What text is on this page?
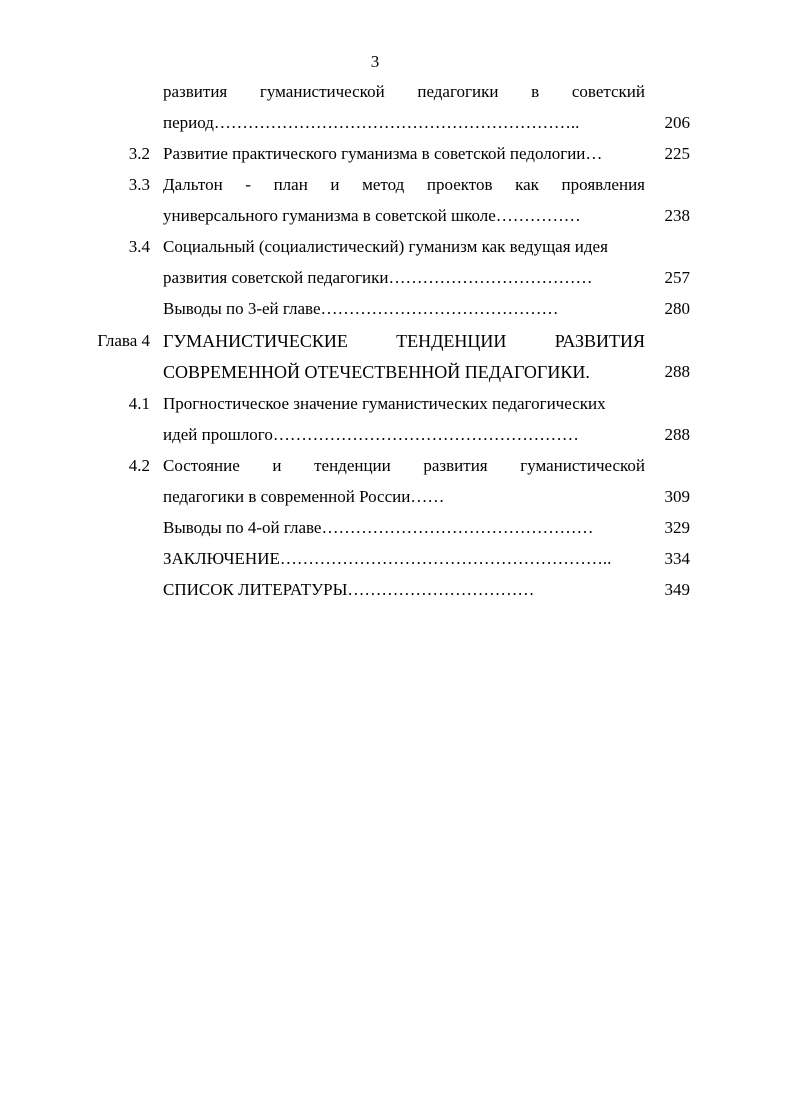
3
развития гуманистической педагогики в советский
период………………………………………………………..	206
3.2 Развитие практического гуманизма в советской педологии…	225
3.3 Дальтон - план и метод проектов как проявления
универсального гуманизма в советской школе……………	238
3.4 Социальный (социалистический) гуманизм как ведущая идея
развития советской педагогики………………………………	257
Выводы по 3-ей главе……………………………………	280
Глава 4 ГУМАНИСТИЧЕСКИЕ ТЕНДЕНЦИИ РАЗВИТИЯ
СОВРЕМЕННОЙ ОТЕЧЕСТВЕННОЙ ПЕДАГОГИКИ.	288
4.1 Прогностическое значение гуманистических педагогических
идей прошлого………………………………………………	288
4.2 Состояние и тенденции развития гуманистической
педагогики в современной России……	309
Выводы по 4-ой главе…………………………………………	329
ЗАКЛЮЧЕНИЕ…………………………………………………..	334
СПИСОК ЛИТЕРАТУРЫ……………………………	349
